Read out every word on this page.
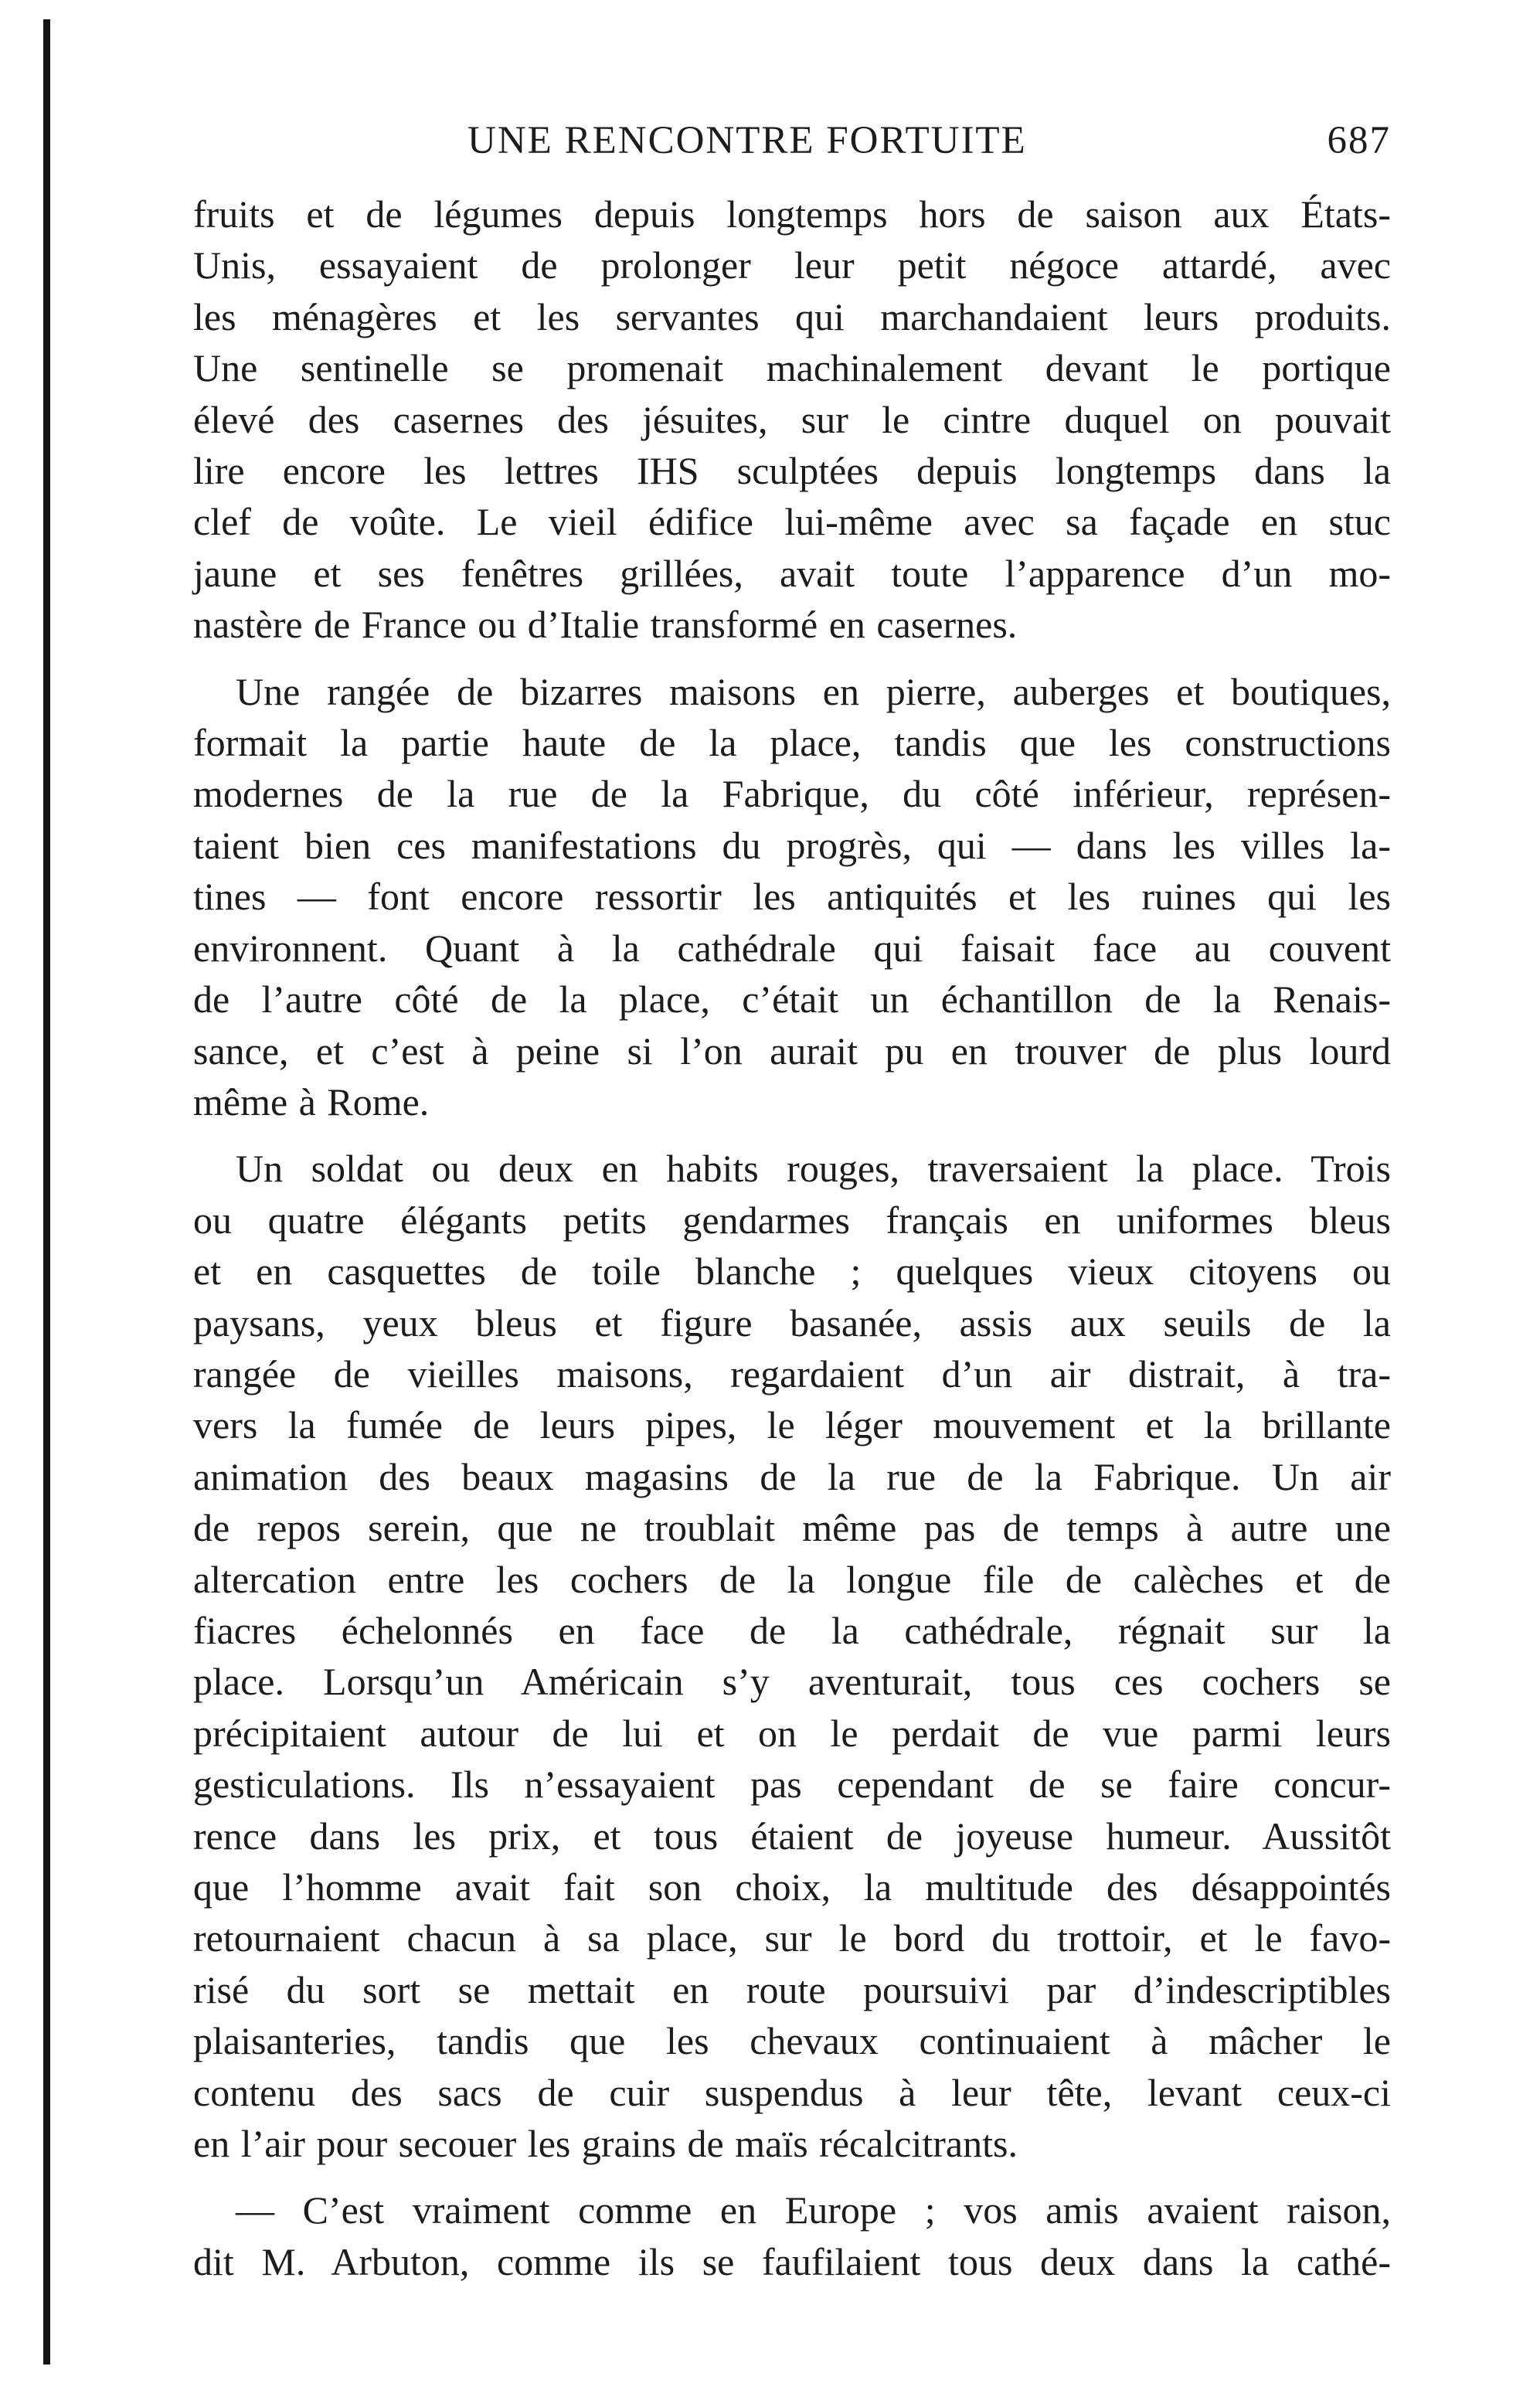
UNE RENCONTRE FORTUITE	687
fruits et de légumes depuis longtemps hors de saison aux États-
Unis, essayaient de prolonger leur petit négoce attardé, avec
les ménagères et les servantes qui marchandaient leurs produits.
Une sentinelle se promenait machinalement devant le portique
élevé des casernes des jésuites, sur le cintre duquel on pouvait
lire encore les lettres IHS sculptées depuis longtemps dans la
clef de voûte. Le vieil édifice lui-même avec sa façade en stuc
jaune et ses fenêtres grillées, avait toute l’apparence d’un mo-
nastère de France ou d’Italie transformé en casernes.
Une rangée de bizarres maisons en pierre, auberges et boutiques,
formait la partie haute de la place, tandis que les constructions
modernes de la rue de la Fabrique, du côté inférieur, représen-
taient bien ces manifestations du progrès, qui — dans les villes la-
tines — font encore ressortir les antiquités et les ruines qui les
environnent. Quant à la cathédrale qui faisait face au couvent
de l’autre côté de la place, c’était un échantillon de la Renais-
sance, et c’est à peine si l’on aurait pu en trouver de plus lourd
même à Rome.
Un soldat ou deux en habits rouges, traversaient la place. Trois
ou quatre élégants petits gendarmes français en uniformes bleus
et en casquettes de toile blanche ; quelques vieux citoyens ou
paysans, yeux bleus et figure basanée, assis aux seuils de la
rangée de vieilles maisons, regardaient d’un air distrait, à tra-
vers la fumée de leurs pipes, le léger mouvement et la brillante
animation des beaux magasins de la rue de la Fabrique. Un air
de repos serein, que ne troublait même pas de temps à autre une
altercation entre les cochers de la longue file de calèches et de
fiacres échelonnés en face de la cathédrale, régnait sur la
place. Lorsqu’un Américain s’y aventurait, tous ces cochers se
précipitaient autour de lui et on le perdait de vue parmi leurs
gesticulations. Ils n’essayaient pas cependant de se faire concur-
rence dans les prix, et tous étaient de joyeuse humeur. Aussitôt
que l’homme avait fait son choix, la multitude des désappointés
retournaient chacun à sa place, sur le bord du trottoir, et le favo-
risé du sort se mettait en route poursuivi par d’indescriptibles
plaisanteries, tandis que les chevaux continuaient à mâcher le
contenu des sacs de cuir suspendus à leur tête, levant ceux-ci
en l’air pour secouer les grains de maïs récalcitrants.
— C’est vraiment comme en Europe ; vos amis avaient raison,
dit M. Arbuton, comme ils se faufilaient tous deux dans la cathé-
